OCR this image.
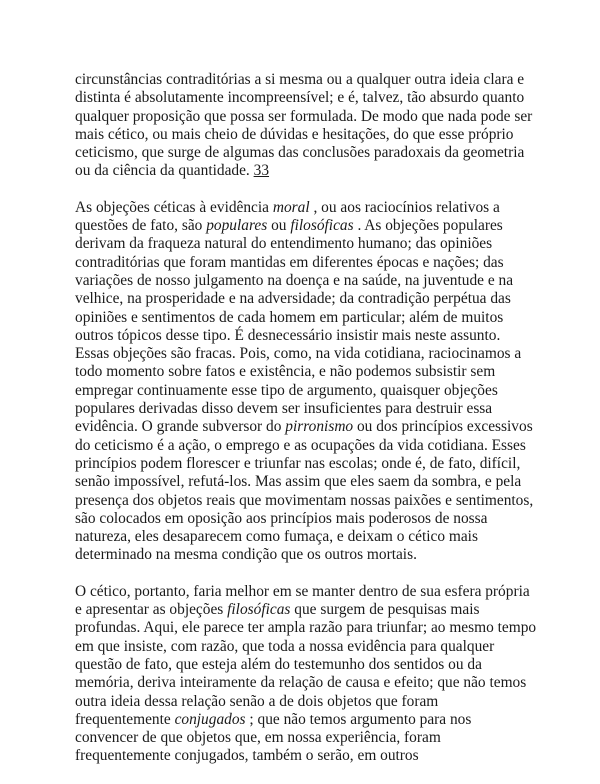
circunstâncias contraditórias a si mesma ou a qualquer outra ideia clara e distinta é absolutamente incompreensível; e é, talvez, tão absurdo quanto qualquer proposição que possa ser formulada. De modo que nada pode ser mais cético, ou mais cheio de dúvidas e hesitações, do que esse próprio ceticismo, que surge de algumas das conclusões paradoxais da geometria ou da ciência da quantidade. 33

As objeções céticas à evidência moral , ou aos raciocínios relativos a questões de fato, são populares ou filosóficas . As objeções populares derivam da fraqueza natural do entendimento humano; das opiniões contraditórias que foram mantidas em diferentes épocas e nações; das variações de nosso julgamento na doença e na saúde, na juventude e na velhice, na prosperidade e na adversidade; da contradição perpétua das opiniões e sentimentos de cada homem em particular; além de muitos outros tópicos desse tipo. É desnecessário insistir mais neste assunto. Essas objeções são fracas. Pois, como, na vida cotidiana, raciocinamos a todo momento sobre fatos e existência, e não podemos subsistir sem empregar continuamente esse tipo de argumento, quaisquer objeções populares derivadas disso devem ser insuficientes para destruir essa evidência. O grande subversor do pirronismo ou dos princípios excessivos do ceticismo é a ação, o emprego e as ocupações da vida cotidiana. Esses princípios podem florescer e triunfar nas escolas; onde é, de fato, difícil, senão impossível, refutá-los. Mas assim que eles saem da sombra, e pela presença dos objetos reais que movimentam nossas paixões e sentimentos, são colocados em oposição aos princípios mais poderosos de nossa natureza, eles desaparecem como fumaça, e deixam o cético mais determinado na mesma condição que os outros mortais.

O cético, portanto, faria melhor em se manter dentro de sua esfera própria e apresentar as objeções filosóficas que surgem de pesquisas mais profundas. Aqui, ele parece ter ampla razão para triunfar; ao mesmo tempo em que insiste, com razão, que toda a nossa evidência para qualquer questão de fato, que esteja além do testemunho dos sentidos ou da memória, deriva inteiramente da relação de causa e efeito; que não temos outra ideia dessa relação senão a de dois objetos que foram frequentemente conjugados ; que não temos argumento para nos convencer de que objetos que, em nossa experiência, foram frequentemente conjugados, também o serão, em outros
